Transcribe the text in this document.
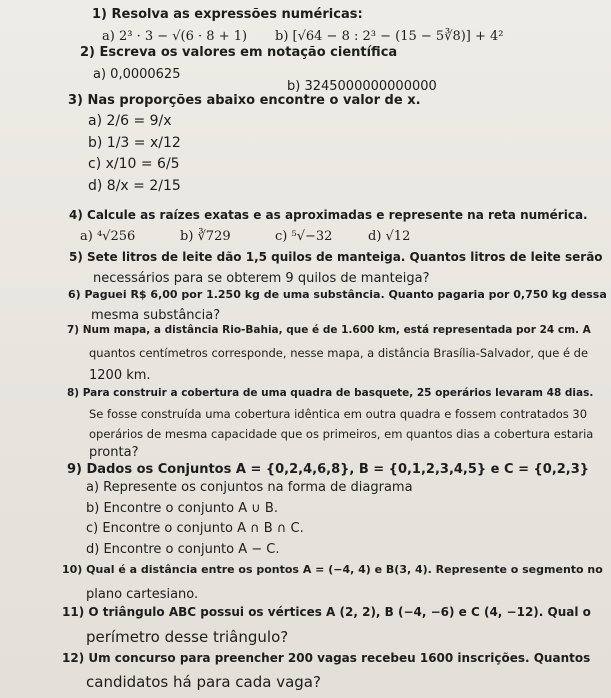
1) Resolva as expressões numéricas:
a) 2³ · 3 − √(6 · 8 + 1) b) [√64 − 8 : 2³ − (15 − 5∛8)] + 4²
2) Escreva os valores em notação científica
a) 0,0000625
b) 3245000000000000
3) Nas proporções abaixo encontre o valor de x.
a) 2/6 = 9/x
b) 1/3 = x/12
c) x/10 = 6/5
d) 8/x = 2/15
4) Calcule as raízes exatas e as aproximadas e represente na reta numérica.
a) ⁴√256	b) ∛729	c) ⁵√−32	d) √12
5) Sete litros de leite dão 1,5 quilos de manteiga. Quantos litros de leite serão
necessários para se obterem 9 quilos de manteiga?
6) Paguei R$ 6,00 por 1.250 kg de uma substância. Quanto pagaria por 0,750 kg dessa
mesma substância?
7) Num mapa, a distância Rio-Bahia, que é de 1.600 km, está representada por 24 cm. A
quantos centímetros corresponde, nesse mapa, a distância Brasília-Salvador, que é de
1200 km.
8) Para construir a cobertura de uma quadra de basquete, 25 operários levaram 48 dias.
Se fosse construída uma cobertura idêntica em outra quadra e fossem contratados 30
operários de mesma capacidade que os primeiros, em quantos dias a cobertura estaria
pronta?
9) Dados os Conjuntos A = {0,2,4,6,8}, B = {0,1,2,3,4,5} e C = {0,2,3}
a) Represente os conjuntos na forma de diagrama
b) Encontre o conjunto A ∪ B.
c) Encontre o conjunto A ∩ B ∩ C.
d) Encontre o conjunto A − C.
10) Qual é a distância entre os pontos A = (−4, 4) e B(3, 4). Represente o segmento no
plano cartesiano.
11) O triângulo ABC possui os vértices A (2, 2), B (−4, −6) e C (4, −12). Qual o
perímetro desse triângulo?
12) Um concurso para preencher 200 vagas recebeu 1600 inscrições. Quantos
candidatos há para cada vaga?
